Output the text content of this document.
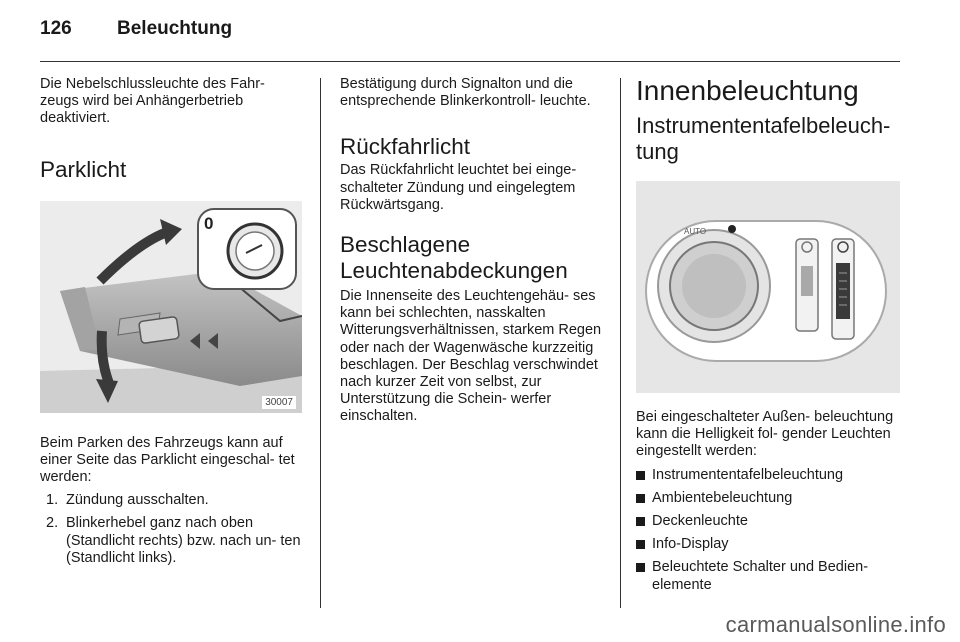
126 Beleuchtung

Die Nebelschlussleuchte des Fahr- zeugs wird bei Anhängerbetrieb deaktiviert.

Parklicht
0
30007

Beim Parken des Fahrzeugs kann auf einer Seite das Parklicht eingeschal- tet werden:

1. Zündung ausschalten.
2. Blinkerhebel ganz nach oben (Standlicht rechts) bzw. nach un- ten (Standlicht links).

Bestätigung durch Signalton und die entsprechende Blinkerkontroll- leuchte.

Rückfahrlicht

Das Rückfahrlicht leuchtet bei einge- schalteter Zündung und eingelegtem Rückwärtsgang.

Beschlagene Leuchtenabdeckungen

Die Innenseite des Leuchtengehäu- ses kann bei schlechten, nasskalten Witterungsverhältnissen, starkem Regen oder nach der Wagenwäsche kurzzeitig beschlagen. Der Beschlag verschwindet nach kurzer Zeit von selbst, zur Unterstützung die Schein- werfer einschalten.

Innenbeleuchtung
Instrumententafelbeleuch- tung
AUTO

Bei eingeschalteter Außen- beleuchtung kann die Helligkeit fol- gender Leuchten eingestellt werden:

Instrumententafelbeleuchtung
Ambientebeleuchtung
Deckenleuchte
Info-Display
Beleuchtete Schalter und Bedien- elemente
carmanualsonline.info
